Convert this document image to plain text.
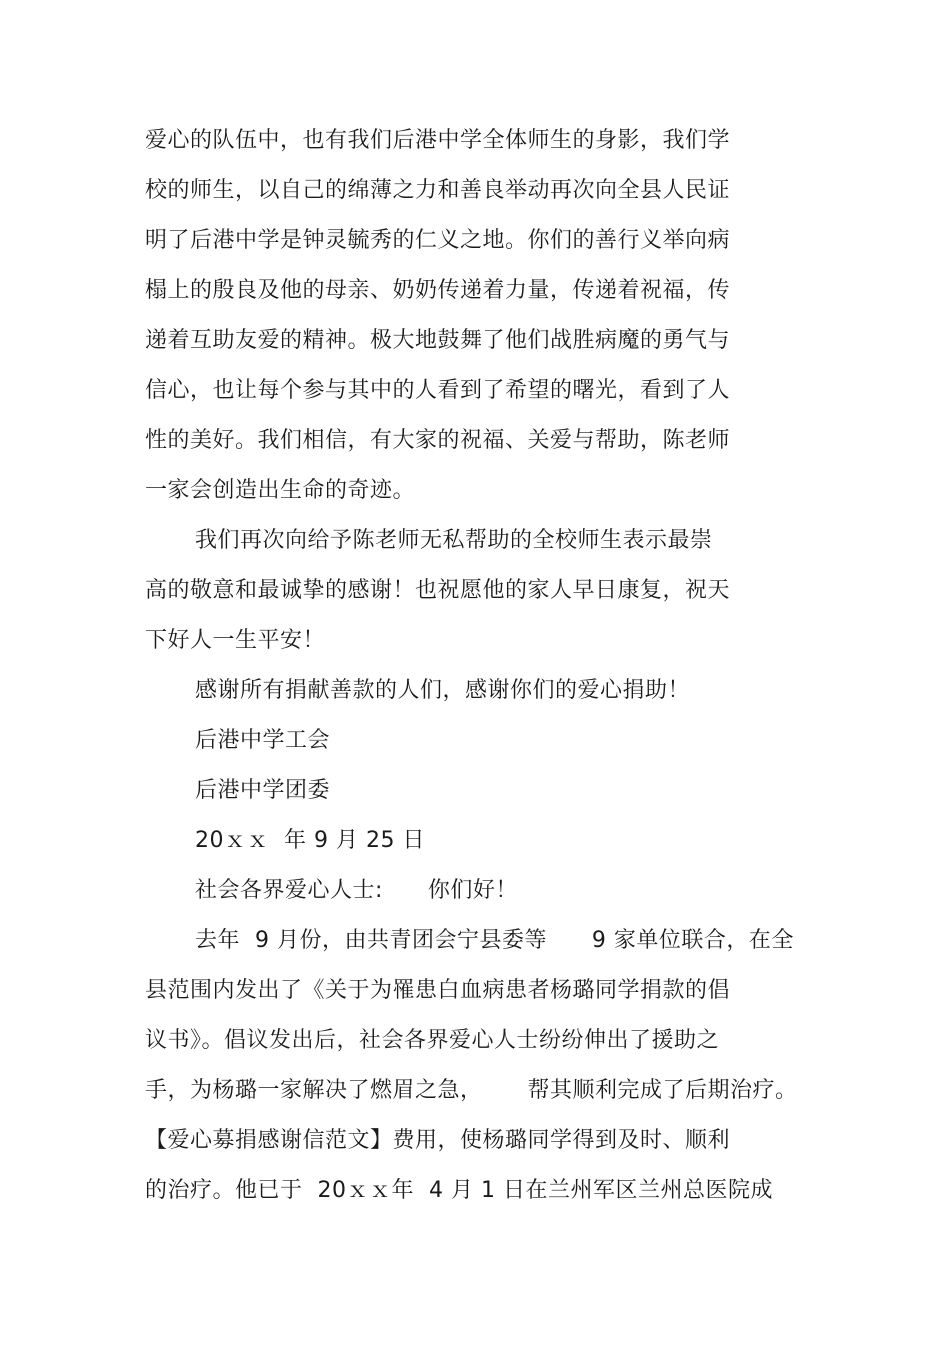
爱心的队伍中，也有我们后港中学全体师生的身影，我们学
校的师生，以自己的绵薄之力和善良举动再次向全县人民证
明了后港中学是钟灵毓秀的仁义之地。你们的善行义举向病
榻上的殷良及他的母亲、奶奶传递着力量，传递着祝福，传
递着互助友爱的精神。极大地鼓舞了他们战胜病魔的勇气与
信心，也让每个参与其中的人看到了希望的曙光，看到了人
性的美好。我们相信，有大家的祝福、关爱与帮助，陈老师
一家会创造出生命的奇迹。
我们再次向给予陈老师无私帮助的全校师生表示最崇
高的敬意和最诚挚的感谢！也祝愿他的家人早日康复，祝天
下好人一生平安！
感谢所有捐献善款的人们，感谢你们的爱心捐助！
后港中学工会
后港中学团委
20ｘｘ  年 9 月 25 日
社会各界爱心人士:      你们好！
去年  9 月份，由共青团会宁县委等      9 家单位联合，在全
县范围内发出了《关于为罹患白血病患者杨璐同学捐款的倡
议书》。倡议发出后，社会各界爱心人士纷纷伸出了援助之
手，为杨璐一家解决了燃眉之急，      帮其顺利完成了后期治疗。
【爱心募捐感谢信范文】费用，使杨璐同学得到及时、顺利
的治疗。他已于  20ｘｘ年  4 月 1 日在兰州军区兰州总医院成
